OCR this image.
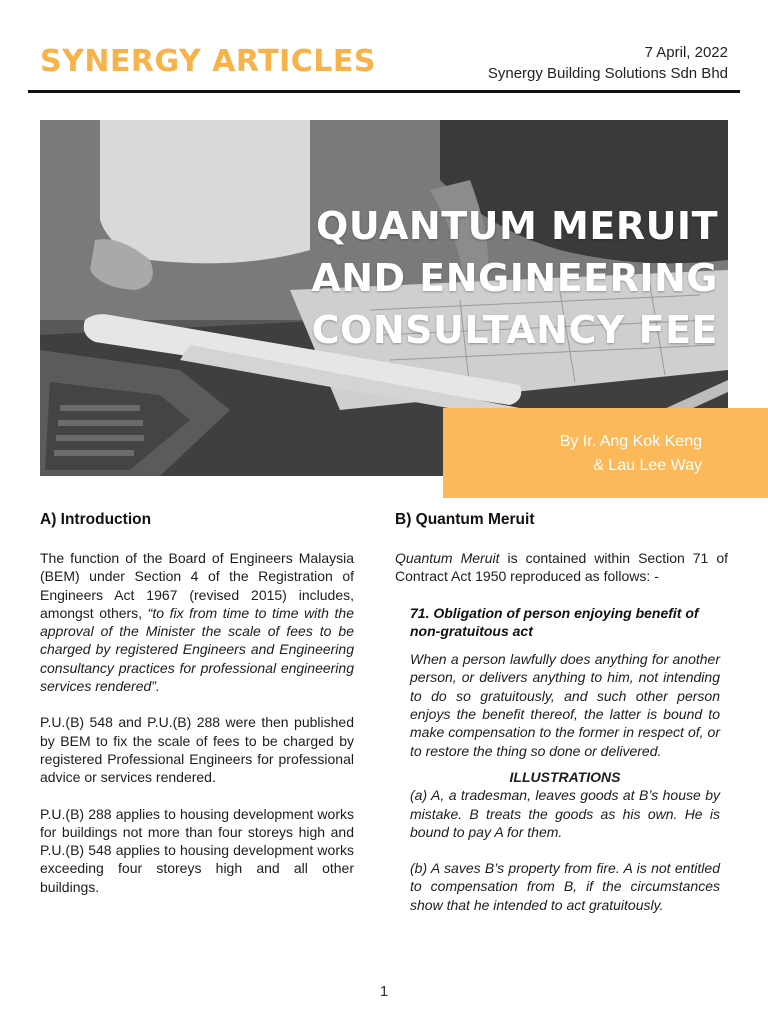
SYNERGY ARTICLES	7 April, 2022
Synergy Building Solutions Sdn Bhd
QUANTUM MERUIT
AND ENGINEERING
CONSULTANCY FEE
By Ir. Ang Kok Keng
& Lau Lee Way
A) Introduction

The function of the Board of Engineers Malaysia (BEM) under Section 4 of the Registration of Engineers Act 1967 (revised 2015) includes, amongst others, “to fix from time to time with the approval of the Minister the scale of fees to be charged by registered Engineers and Engineering consultancy practices for professional engineering services rendered”.

P.U.(B) 548 and P.U.(B) 288 were then published by BEM to fix the scale of fees to be charged by registered Professional Engineers for professional advice or services rendered.

P.U.(B) 288 applies to housing development works for buildings not more than four storeys high and P.U.(B) 548 applies to housing development works exceeding four storeys high and all other buildings.

B) Quantum Meruit

Quantum Meruit is contained within Section 71 of Contract Act 1950 reproduced as follows: -

71. Obligation of person enjoying benefit of non-gratuitous act
When a person lawfully does anything for another person, or delivers anything to him, not intending to do so gratuitously, and such other person enjoys the benefit thereof, the latter is bound to make compensation to the former in respect of, or to restore the thing so done or delivered.
ILLUSTRATIONS
(a) A, a tradesman, leaves goods at B’s house by mistake. B treats the goods as his own. He is bound to pay A for them.
(b) A saves B’s property from fire. A is not entitled to compensation from B, if the circumstances show that he intended to act gratuitously.
1
